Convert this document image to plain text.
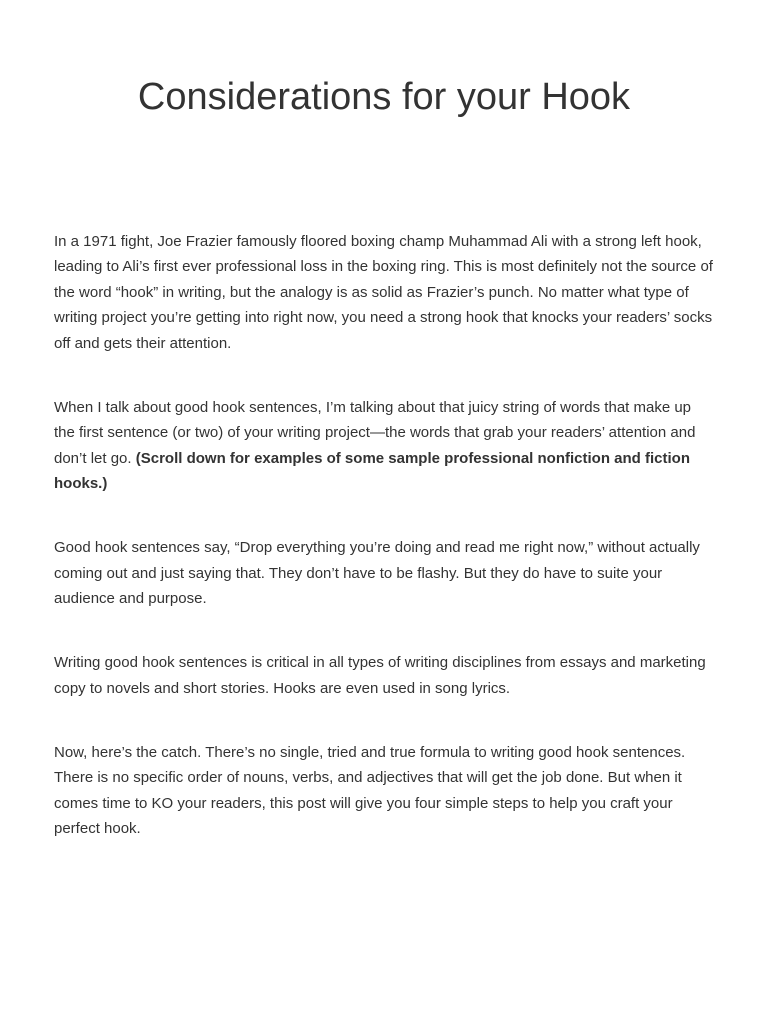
Considerations for your Hook

In a 1971 fight, Joe Frazier famously floored boxing champ Muhammad Ali with a strong left hook, leading to Ali’s first ever professional loss in the boxing ring. This is most definitely not the source of the word “hook” in writing, but the analogy is as solid as Frazier’s punch. No matter what type of writing project you’re getting into right now, you need a strong hook that knocks your readers’ socks off and gets their attention.

When I talk about good hook sentences, I’m talking about that juicy string of words that make up the first sentence (or two) of your writing project—the words that grab your readers’ attention and don’t let go. (Scroll down for examples of some sample professional nonfiction and fiction hooks.)

Good hook sentences say, “Drop everything you’re doing and read me right now,” without actually coming out and just saying that. They don’t have to be flashy. But they do have to suite your audience and purpose.

Writing good hook sentences is critical in all types of writing disciplines from essays and marketing copy to novels and short stories. Hooks are even used in song lyrics.

Now, here’s the catch. There’s no single, tried and true formula to writing good hook sentences. There is no specific order of nouns, verbs, and adjectives that will get the job done. But when it comes time to KO your readers, this post will give you four simple steps to help you craft your perfect hook.
